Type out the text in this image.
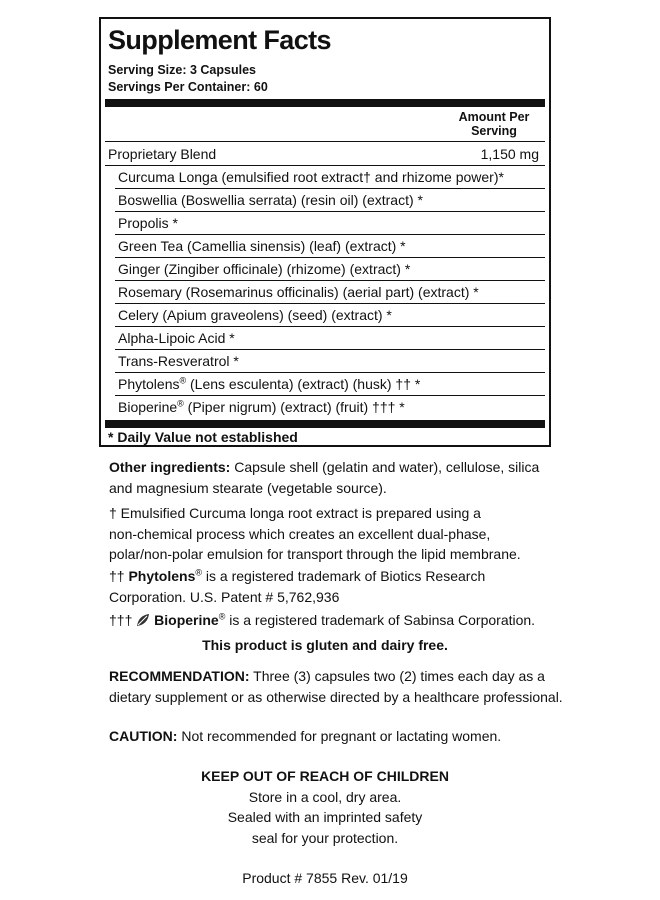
Supplement Facts
Serving Size: 3 Capsules
Servings Per Container: 60
Amount Per
Serving
Proprietary Blend	1,150 mg
Curcuma Longa (emulsified root extract† and rhizome power)*
Boswellia (Boswellia serrata) (resin oil) (extract) *
Propolis *
Green Tea (Camellia sinensis) (leaf) (extract) *
Ginger (Zingiber officinale) (rhizome) (extract) *
Rosemary (Rosemarinus officinalis) (aerial part) (extract) *
Celery (Apium graveolens) (seed) (extract) *
Alpha-Lipoic Acid *
Trans-Resveratrol *
Phytolens® (Lens esculenta) (extract) (husk) †† *
Bioperine® (Piper nigrum) (extract) (fruit) ††† *
* Daily Value not established
Other ingredients: Capsule shell (gelatin and water), cellulose, silica
and magnesium stearate (vegetable source).
† Emulsified Curcuma longa root extract is prepared using a
non-chemical process which creates an excellent dual-phase,
polar/non-polar emulsion for transport through the lipid membrane.
†† Phytolens® is a registered trademark of Biotics Research
Corporation. U.S. Patent # 5,762,936
†††  Bioperine® is a registered trademark of Sabinsa Corporation.
This product is gluten and dairy free.
RECOMMENDATION: Three (3) capsules two (2) times each day as a
dietary supplement or as otherwise directed by a healthcare professional.
CAUTION: Not recommended for pregnant or lactating women.
KEEP OUT OF REACH OF CHILDREN
Store in a cool, dry area.
Sealed with an imprinted safety
seal for your protection.
Product # 7855 Rev. 01/19
